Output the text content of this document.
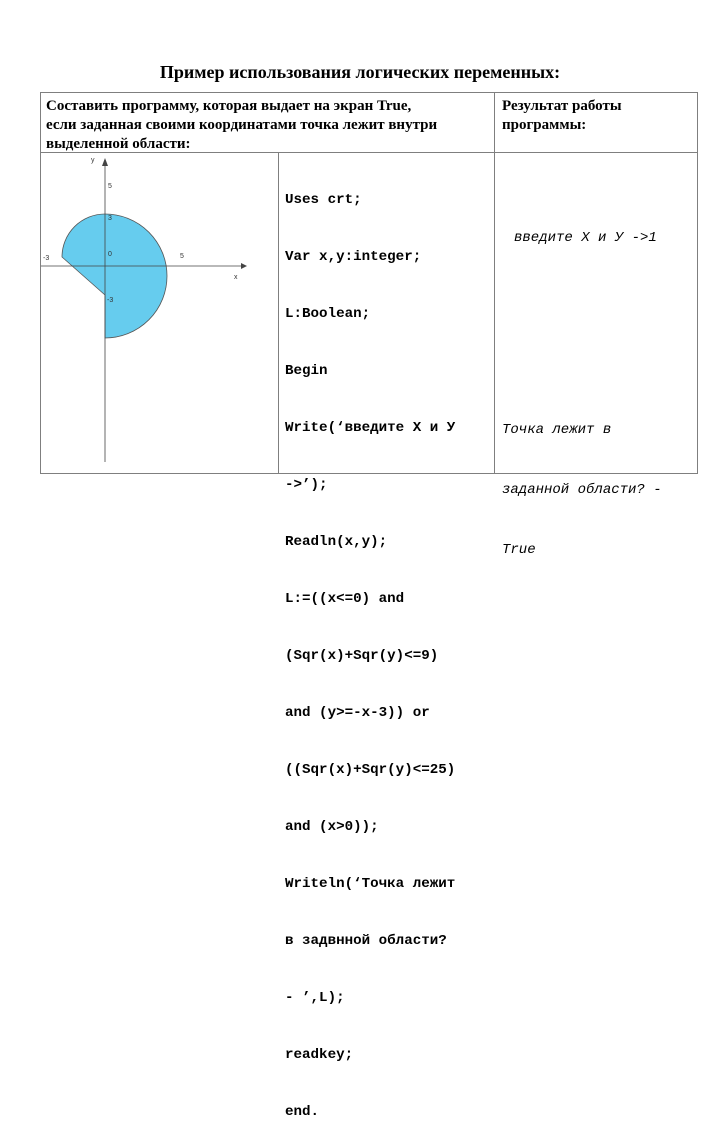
Пример использования логических переменных:
Составить программу, которая выдает на экран True,
если заданная своими координатами точка лежит внутри
выделенной области:
Результат работы
программы:
y
x
5
3
0	5
-3
-3

Uses crt;

Var x,y:integer;

L:Boolean;

Begin

Write(‘введите X и У

->’);

Readln(x,y);

L:=((x<=0) and

(Sqr(x)+Sqr(y)<=9)

and (y>=-x-3)) or

((Sqr(x)+Sqr(y)<=25)

and (x>0));

Writeln(‘Точка лежит

в задвнной области?

- ’,L);

readkey;

end.

введите X и У ->1

Точка лежит в

заданной области? -

True
